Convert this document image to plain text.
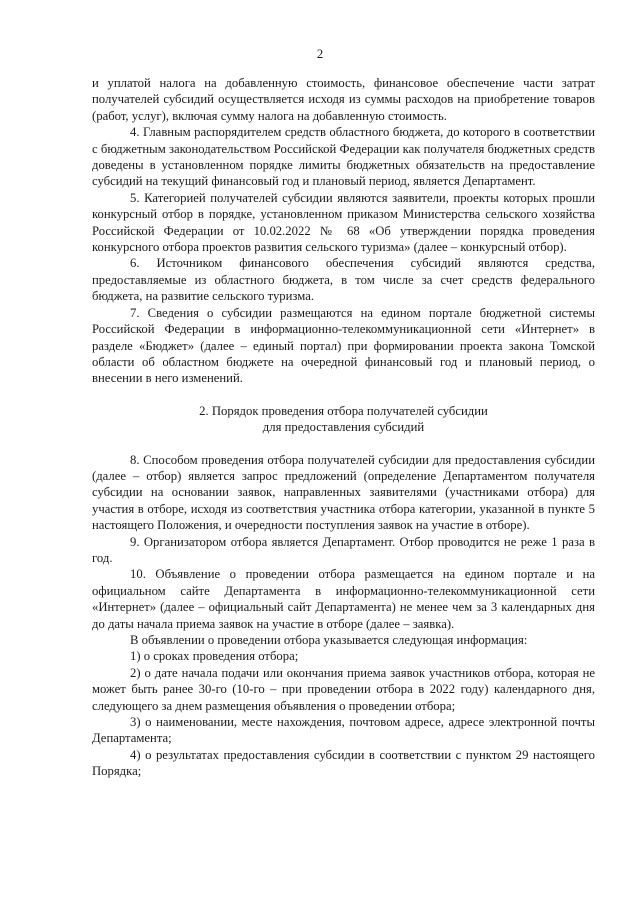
2

и уплатой налога на добавленную стоимость, финансовое обеспечение части затрат получателей субсидий осуществляется исходя из суммы расходов на приобретение товаров (работ, услуг), включая сумму налога на добавленную стоимость.

4. Главным распорядителем средств областного бюджета, до которого в соответствии с бюджетным законодательством Российской Федерации как получателя бюджетных средств доведены в установленном порядке лимиты бюджетных обязательств на предоставление субсидий на текущий финансовый год и плановый период, является Департамент.

5. Категорией получателей субсидии являются заявители, проекты которых прошли конкурсный отбор в порядке, установленном приказом Министерства сельского хозяйства Российской Федерации от 10.02.2022 № 68 «Об утверждении порядка проведения конкурсного отбора проектов развития сельского туризма» (далее – конкурсный отбор).

6. Источником финансового обеспечения субсидий являются средства, предоставляемые из областного бюджета, в том числе за счет средств федерального бюджета, на развитие сельского туризма.

7. Сведения о субсидии размещаются на едином портале бюджетной системы Российской Федерации в информационно-телекоммуникационной сети «Интернет» в разделе «Бюджет» (далее – единый портал) при формировании проекта закона Томской области об областном бюджете на очередной финансовый год и плановый период, о внесении в него изменений.

2. Порядок проведения отбора получателей субсидии
для предоставления субсидий

8. Способом проведения отбора получателей субсидии для предоставления субсидии (далее – отбор) является запрос предложений (определение Департаментом получателя субсидии на основании заявок, направленных заявителями (участниками отбора) для участия в отборе, исходя из соответствия участника отбора категории, указанной в пункте 5 настоящего Положения, и очередности поступления заявок на участие в отборе).

9. Организатором отбора является Департамент. Отбор проводится не реже 1 раза в год.

10. Объявление о проведении отбора размещается на едином портале и на официальном сайте Департамента в информационно-телекоммуникационной сети «Интернет» (далее – официальный сайт Департамента) не менее чем за 3 календарных дня до даты начала приема заявок на участие в отборе (далее – заявка).

В объявлении о проведении отбора указывается следующая информация:

1) о сроках проведения отбора;

2) о дате начала подачи или окончания приема заявок участников отбора, которая не может быть ранее 30-го (10-го – при проведении отбора в 2022 году) календарного дня, следующего за днем размещения объявления о проведении отбора;

3) о наименовании, месте нахождения, почтовом адресе, адресе электронной почты Департамента;

4) о результатах предоставления субсидии в соответствии с пунктом 29 настоящего Порядка;
